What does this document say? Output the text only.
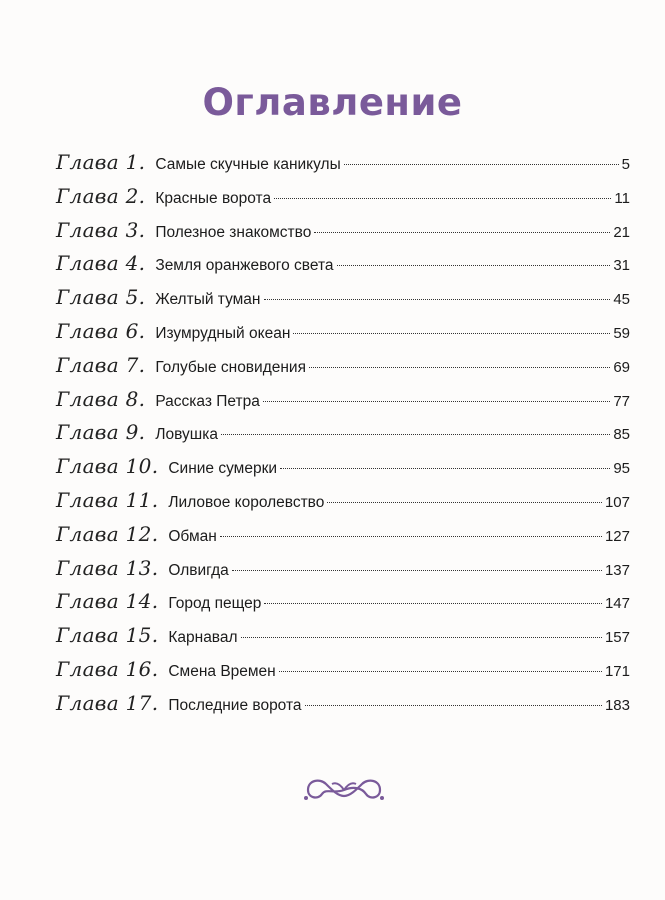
Оглавление
Глава 1. Самые скучные каникулы	5
Глава 2. Красные ворота	11
Глава 3. Полезное знакомство	21
Глава 4. Земля оранжевого света	31
Глава 5. Желтый туман	45
Глава 6. Изумрудный океан	59
Глава 7. Голубые сновидения	69
Глава 8. Рассказ Петра	77
Глава 9. Ловушка	85
Глава 10. Синие сумерки	95
Глава 11. Лиловое королевство	107
Глава 12. Обман	127
Глава 13. Олвигда	137
Глава 14. Город пещер	147
Глава 15. Карнавал	157
Глава 16. Смена Времен	171
Глава 17. Последние ворота	183
